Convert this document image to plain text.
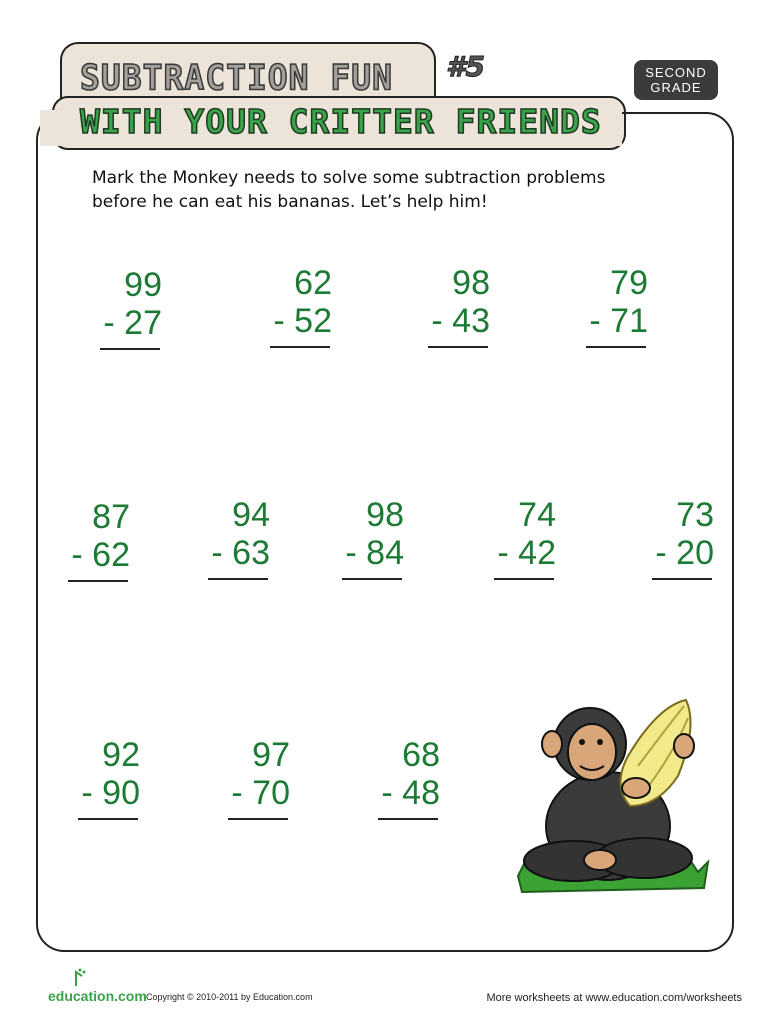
SUBTRACTION FUN
WITH YOUR CRITTER FRIENDS
#5	SECOND
GRADE
Mark the Monkey needs to solve some subtraction problems
before he can eat his bananas. Let’s help him!
99
- 27
62
- 52
98
- 43
79
- 71
87
- 62
94
- 63
98
- 84
74
- 42
73
- 20
92
- 90
97
- 70
68
- 48
education.com Copyright © 2010-2011 by Education.com	More worksheets at www.education.com/worksheets
